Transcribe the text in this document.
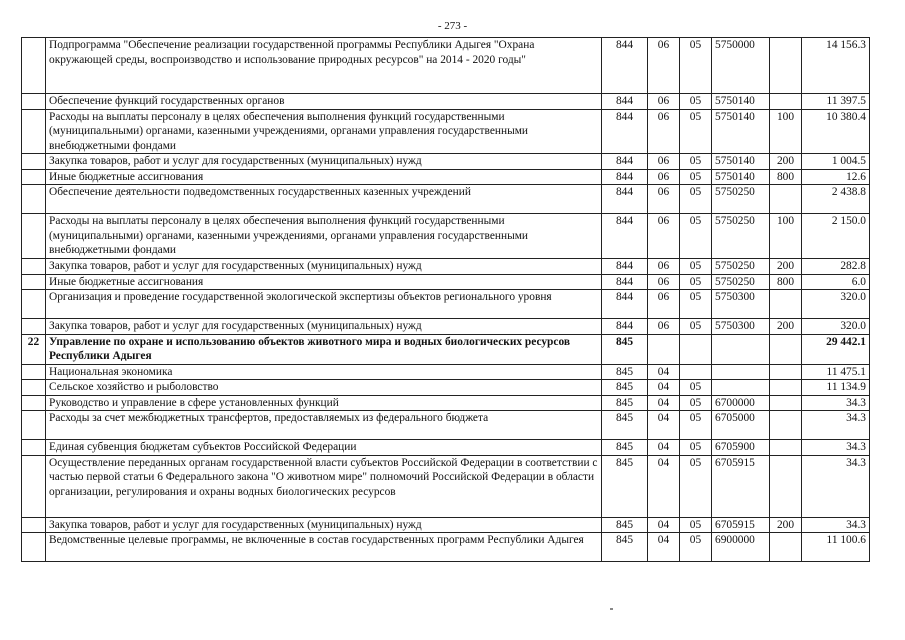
- 273 -
	Подпрограмма "Обеспечение реализации государственной программы Республики Адыгея "Охрана окружающей среды, воспроизводство и использование природных ресурсов" на 2014 - 2020 годы"	844	06	05	5750000		14 156.3
	Обеспечение функций государственных органов	844	06	05	5750140		11 397.5
	Расходы на выплаты персоналу в целях обеспечения выполнения функций государственными (муниципальными) органами, казенными учреждениями, органами управления государственными внебюджетными фондами	844	06	05	5750140	100	10 380.4
	Закупка товаров, работ и услуг для государственных (муниципальных) нужд	844	06	05	5750140	200	1 004.5
	Иные бюджетные ассигнования	844	06	05	5750140	800	12.6
	Обеспечение деятельности подведомственных государственных казенных учреждений	844	06	05	5750250		2 438.8
	Расходы на выплаты персоналу в целях обеспечения выполнения функций государственными (муниципальными) органами, казенными учреждениями, органами управления государственными внебюджетными фондами	844	06	05	5750250	100	2 150.0
	Закупка товаров, работ и услуг для государственных (муниципальных) нужд	844	06	05	5750250	200	282.8
	Иные бюджетные ассигнования	844	06	05	5750250	800	6.0
	Организация и проведение государственной экологической экспертизы объектов регионального уровня	844	06	05	5750300		320.0
	Закупка товаров, работ и услуг для государственных (муниципальных) нужд	844	06	05	5750300	200	320.0
22	Управление по охране и использованию объектов животного мира и водных биологических ресурсов Республики Адыгея	845					29 442.1
	Национальная экономика	845	04				11 475.1
	Сельское хозяйство и рыболовство	845	04	05			11 134.9
	Руководство и управление в сфере установленных функций	845	04	05	6700000		34.3
	Расходы за счет межбюджетных трансфертов, предоставляемых из федерального бюджета	845	04	05	6705000		34.3
	Единая субвенция бюджетам субъектов Российской Федерации	845	04	05	6705900		34.3
	Осуществление переданных органам государственной власти субъектов Российской Федерации в соответствии с частью первой статьи 6 Федерального закона "О животном мире" полномочий Российской Федерации в области организации, регулирования и охраны водных биологических ресурсов	845	04	05	6705915		34.3
	Закупка товаров, работ и услуг для государственных (муниципальных) нужд	845	04	05	6705915	200	34.3
	Ведомственные целевые программы, не включенные в состав государственных программ Республики Адыгея	845	04	05	6900000		11 100.6
